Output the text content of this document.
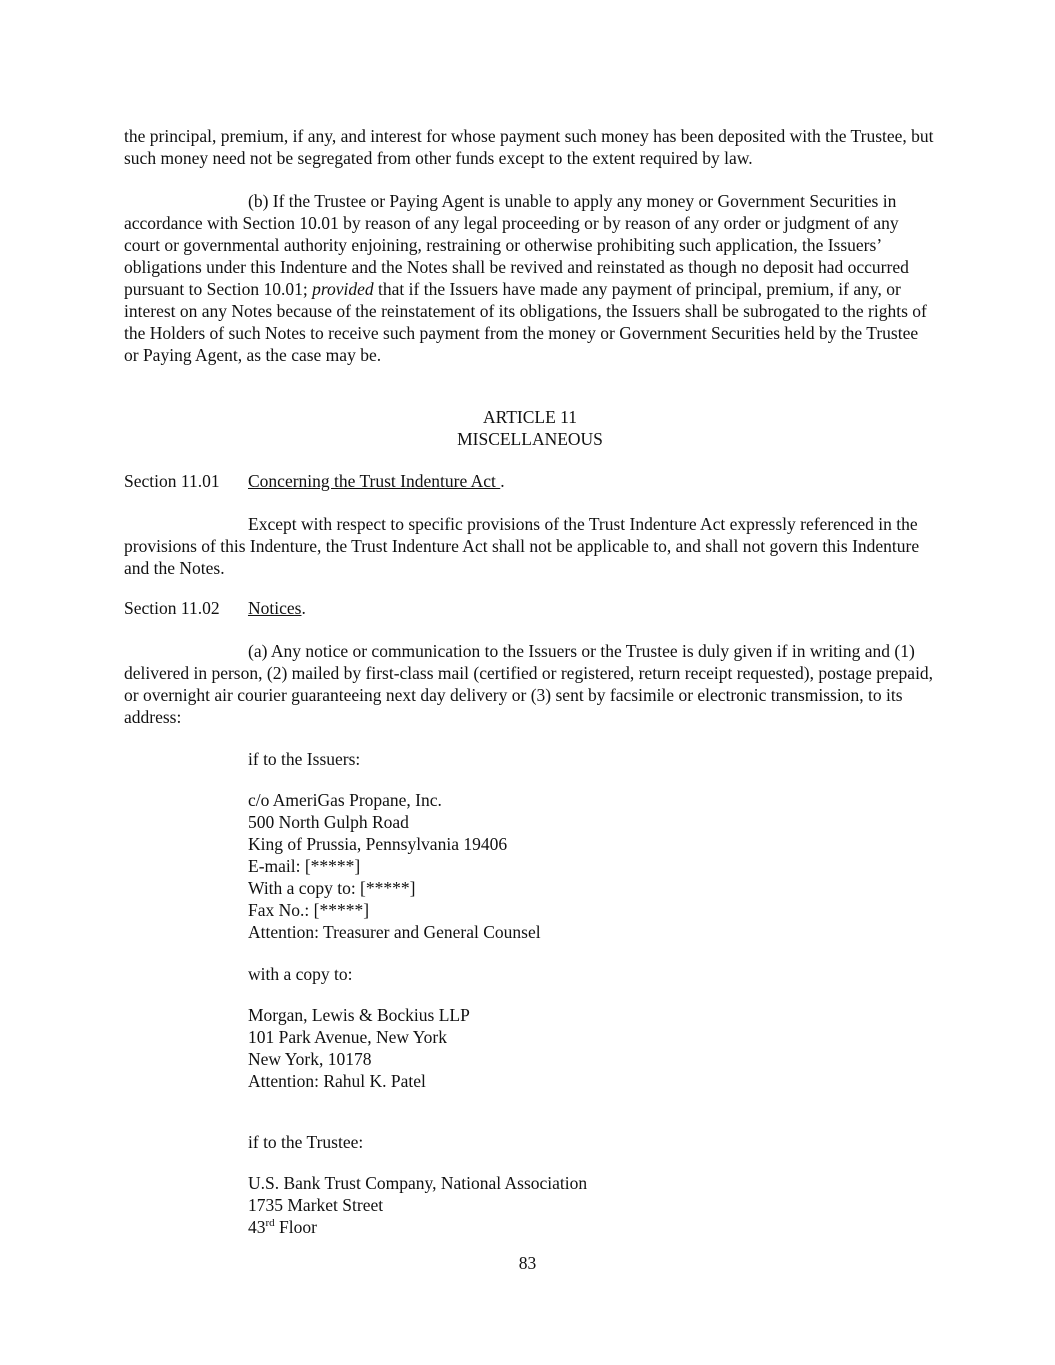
the principal, premium, if any, and interest for whose payment such money has been deposited with the Trustee, but such money need not be segregated from other funds except to the extent required by law.

(b) If the Trustee or Paying Agent is unable to apply any money or Government Securities in accordance with Section 10.01 by reason of any legal proceeding or by reason of any order or judgment of any court or governmental authority enjoining, restraining or otherwise prohibiting such application, the Issuers’ obligations under this Indenture and the Notes shall be revived and reinstated as though no deposit had occurred pursuant to Section 10.01; provided that if the Issuers have made any payment of principal, premium, if any, or interest on any Notes because of the reinstatement of its obligations, the Issuers shall be subrogated to the rights of the Holders of such Notes to receive such payment from the money or Government Securities held by the Trustee or Paying Agent, as the case may be.

ARTICLE 11
MISCELLANEOUS

Section 11.01 Concerning the Trust Indenture Act .

Except with respect to specific provisions of the Trust Indenture Act expressly referenced in the provisions of this Indenture, the Trust Indenture Act shall not be applicable to, and shall not govern this Indenture and the Notes.

Section 11.02 Notices.

(a) Any notice or communication to the Issuers or the Trustee is duly given if in writing and (1) delivered in person, (2) mailed by first-class mail (certified or registered, return receipt requested), postage prepaid, or overnight air courier guaranteeing next day delivery or (3) sent by facsimile or electronic transmission, to its address:

if to the Issuers:

c/o AmeriGas Propane, Inc.
500 North Gulph Road
King of Prussia, Pennsylvania 19406
E-mail: [*****]
With a copy to: [*****]
Fax No.: [*****]
Attention: Treasurer and General Counsel

with a copy to:

Morgan, Lewis & Bockius LLP
101 Park Avenue, New York
New York, 10178
Attention: Rahul K. Patel

if to the Trustee:

U.S. Bank Trust Company, National Association
1735 Market Street
43rd Floor
83
